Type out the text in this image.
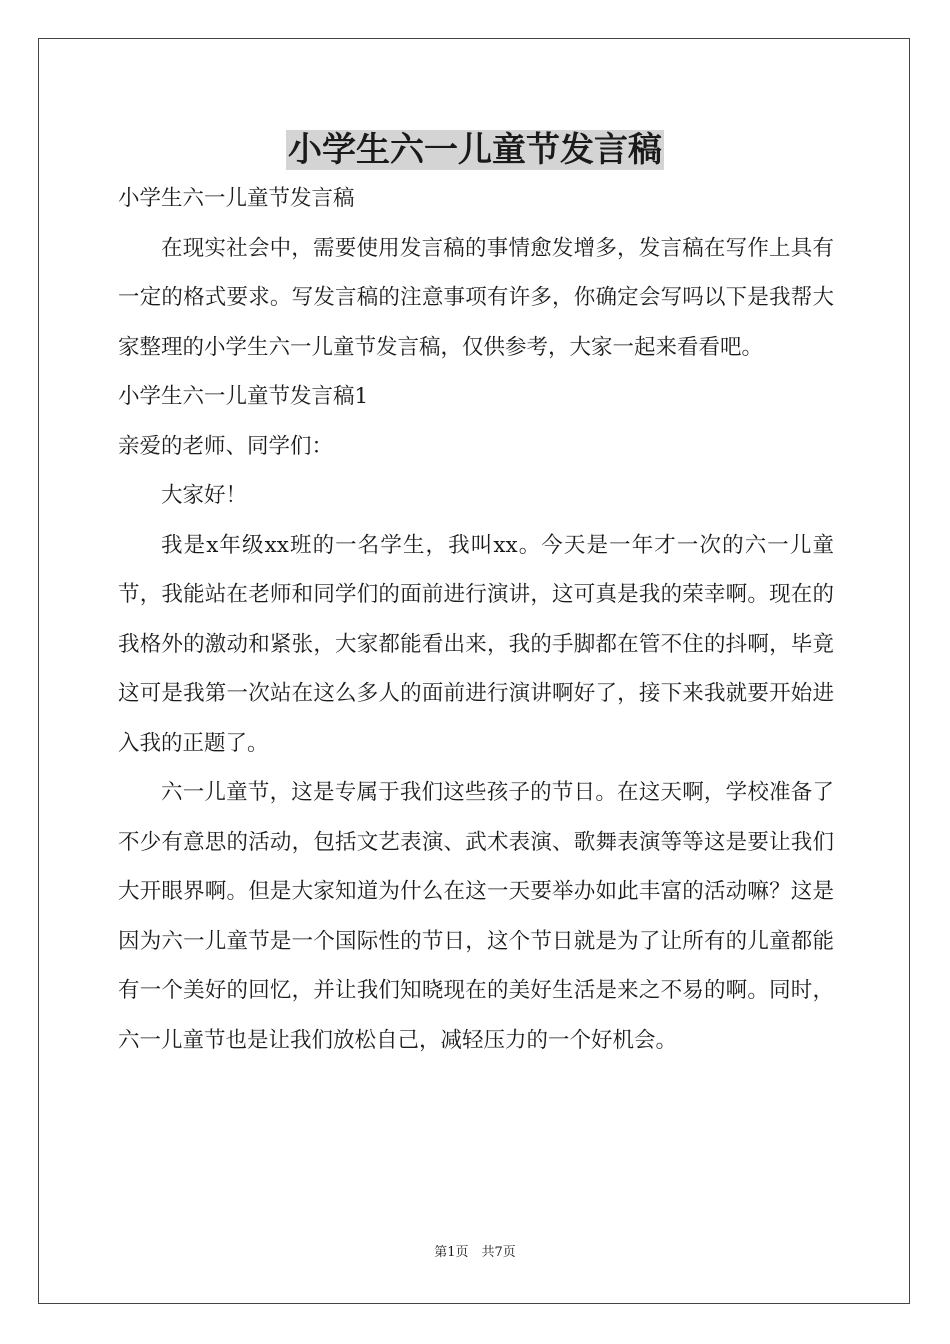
小学生六一儿童节发言稿

小学生六一儿童节发言稿

在现实社会中，需要使用发言稿的事情愈发增多，发言稿在写作上具有一定的格式要求。写发言稿的注意事项有许多，你确定会写吗以下是我帮大家整理的小学生六一儿童节发言稿，仅供参考，大家一起来看看吧。

小学生六一儿童节发言稿1

亲爱的老师、同学们：

大家好！

我是x年级xx班的一名学生，我叫xx。今天是一年才一次的六一儿童节，我能站在老师和同学们的面前进行演讲，这可真是我的荣幸啊。现在的我格外的激动和紧张，大家都能看出来，我的手脚都在管不住的抖啊，毕竟这可是我第一次站在这么多人的面前进行演讲啊好了，接下来我就要开始进入我的正题了。

六一儿童节，这是专属于我们这些孩子的节日。在这天啊，学校准备了不少有意思的活动，包括文艺表演、武术表演、歌舞表演等等这是要让我们大开眼界啊。但是大家知道为什么在这一天要举办如此丰富的活动嘛？这是因为六一儿童节是一个国际性的节日，这个节日就是为了让所有的儿童都能有一个美好的回忆，并让我们知晓现在的美好生活是来之不易的啊。同时，六一儿童节也是让我们放松自己，减轻压力的一个好机会。

第1页　共7页
